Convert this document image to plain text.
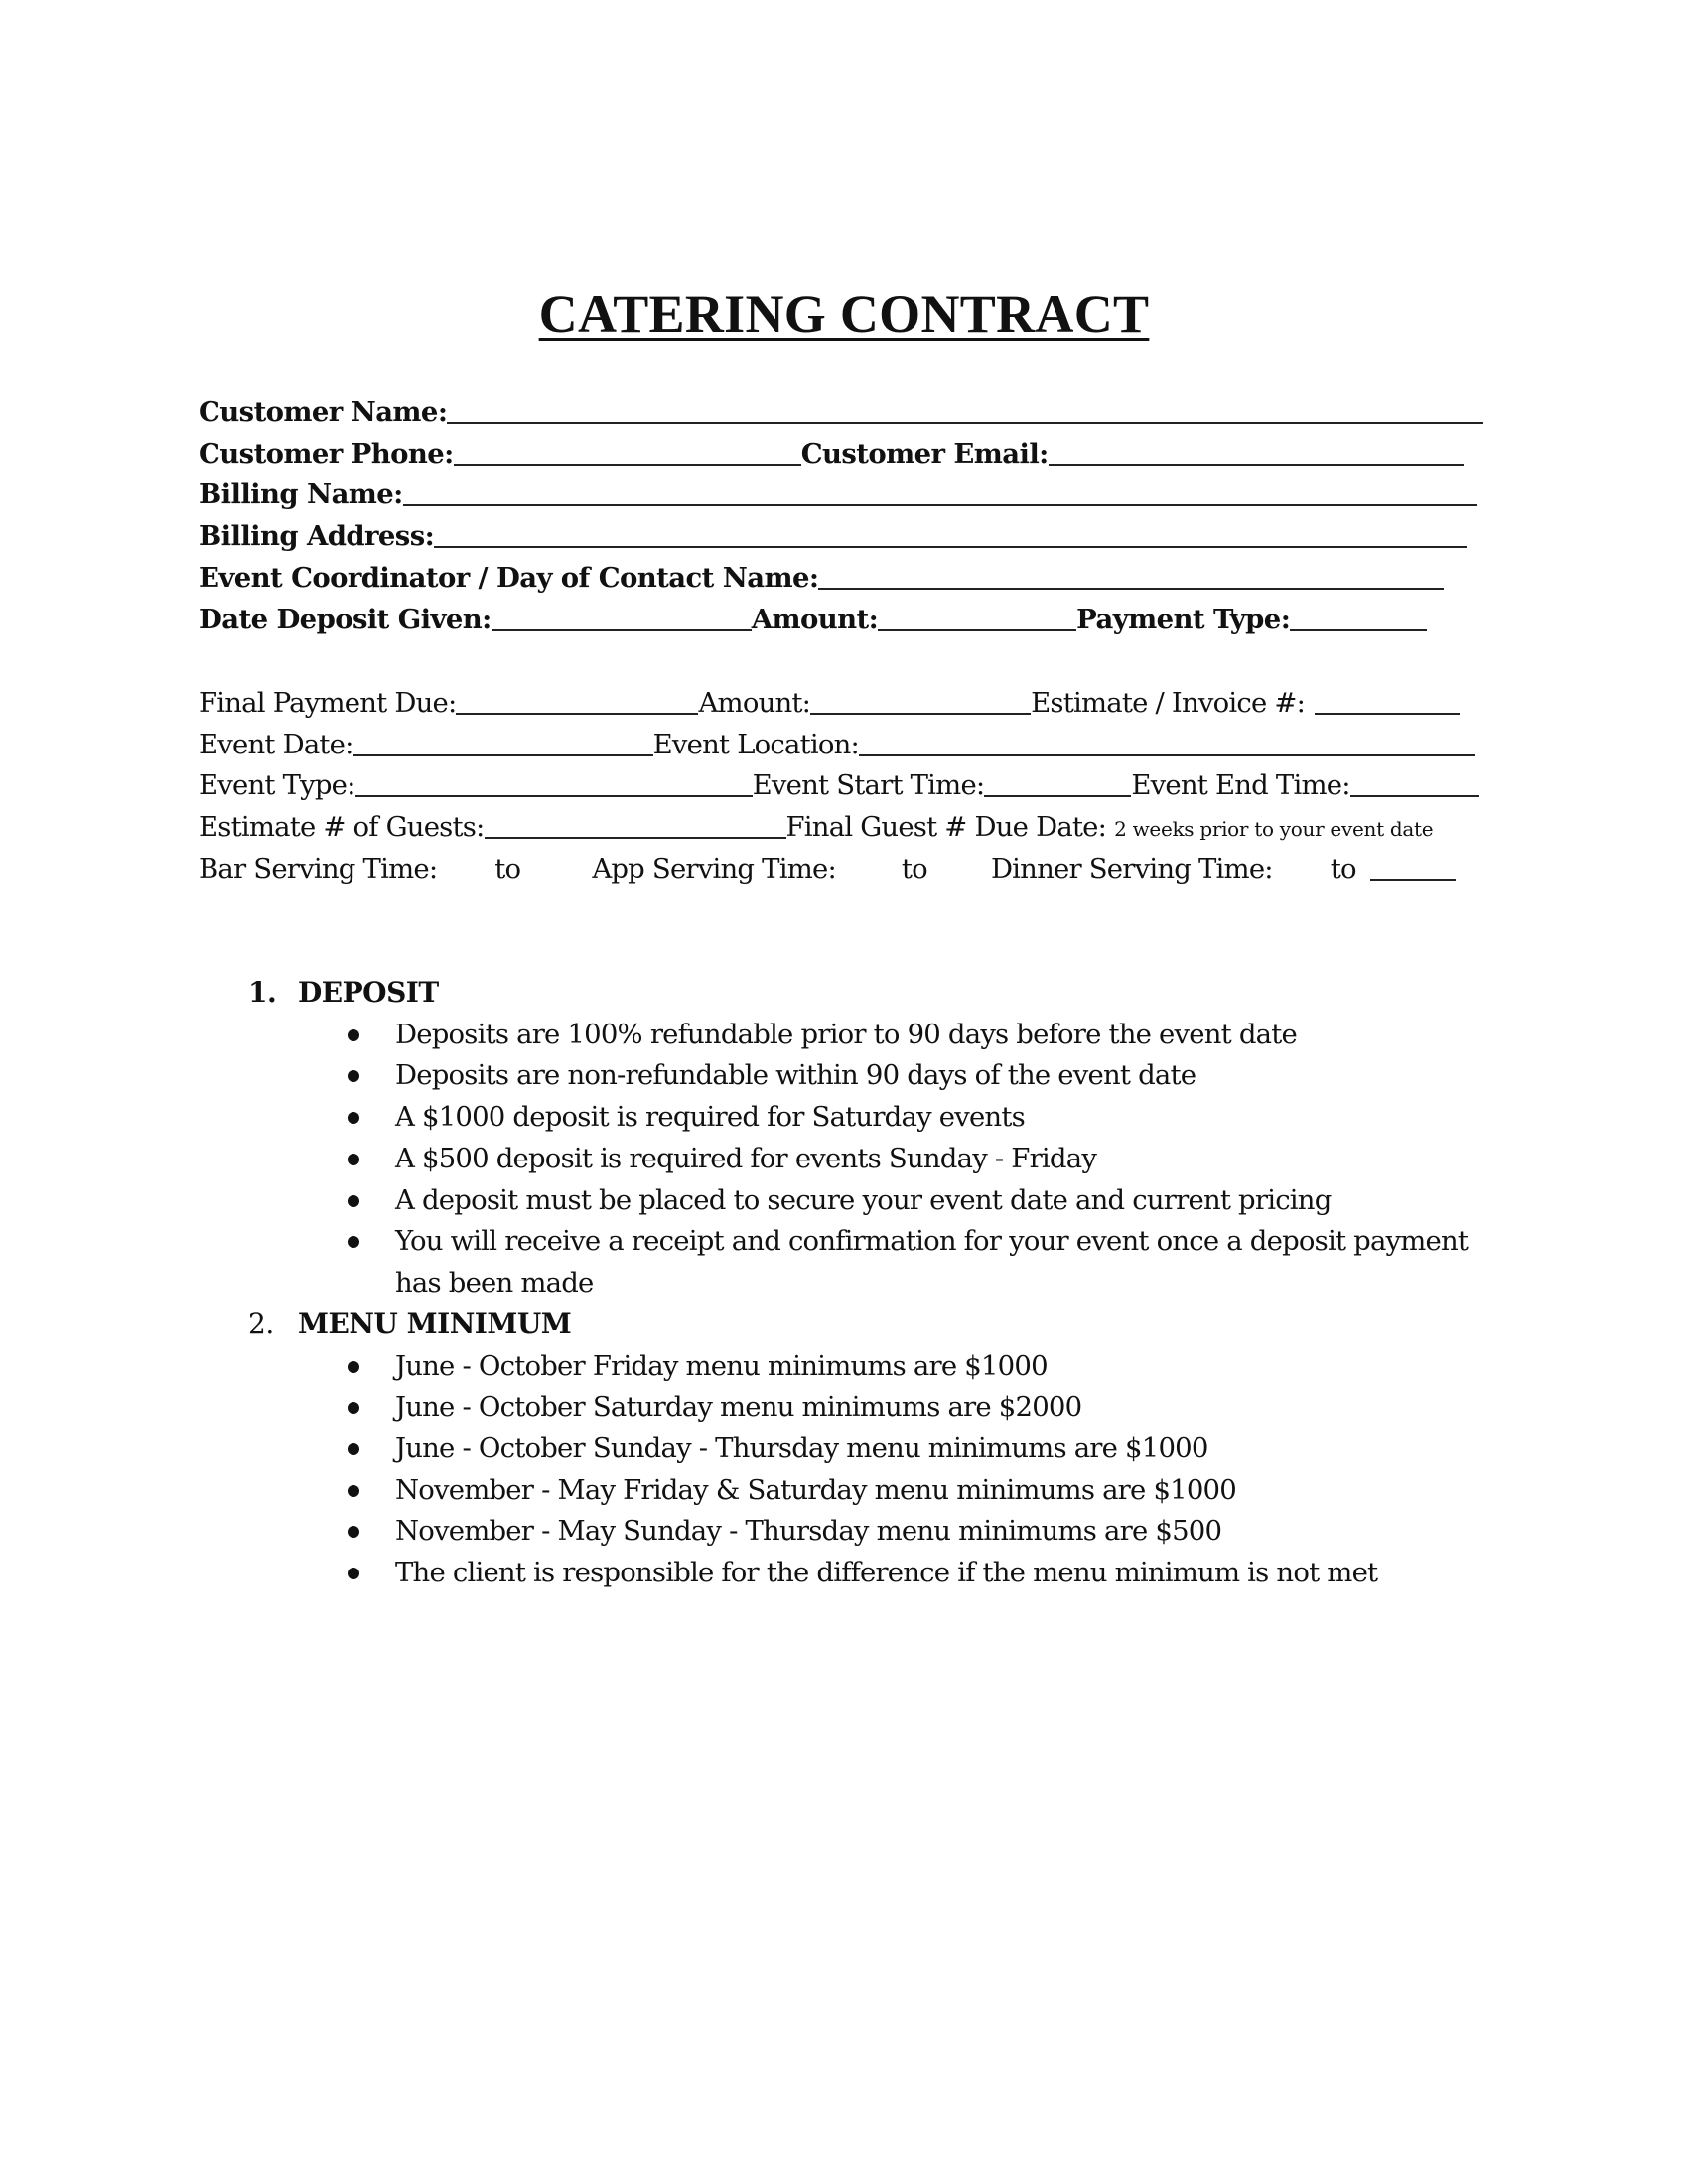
CATERING CONTRACT
Customer Name:
Customer Phone:	Customer Email:
Billing Name:
Billing Address:
Event Coordinator / Day of Contact Name:
Date Deposit Given:	Amount:	Payment Type:
Final Payment Due:	Amount:	Estimate / Invoice #:
Event Date:	Event Location:
Event Type:	Event Start Time:	Event End Time:
Estimate # of Guests:	Final Guest # Due Date: 2 weeks prior to your event date
Bar Serving Time: to	App Serving Time: to Dinner Serving Time: to
1. DEPOSIT
Deposits are 100% refundable prior to 90 days before the event date
Deposits are non-refundable within 90 days of the event date
A $1000 deposit is required for Saturday events
A $500 deposit is required for events Sunday - Friday
A deposit must be placed to secure your event date and current pricing
You will receive a receipt and confirmation for your event once a deposit payment
has been made
2. MENU MINIMUM
June - October Friday menu minimums are $1000
June - October Saturday menu minimums are $2000
June - October Sunday - Thursday menu minimums are $1000
November - May Friday & Saturday menu minimums are $1000
November - May Sunday - Thursday menu minimums are $500
The client is responsible for the difference if the menu minimum is not met
